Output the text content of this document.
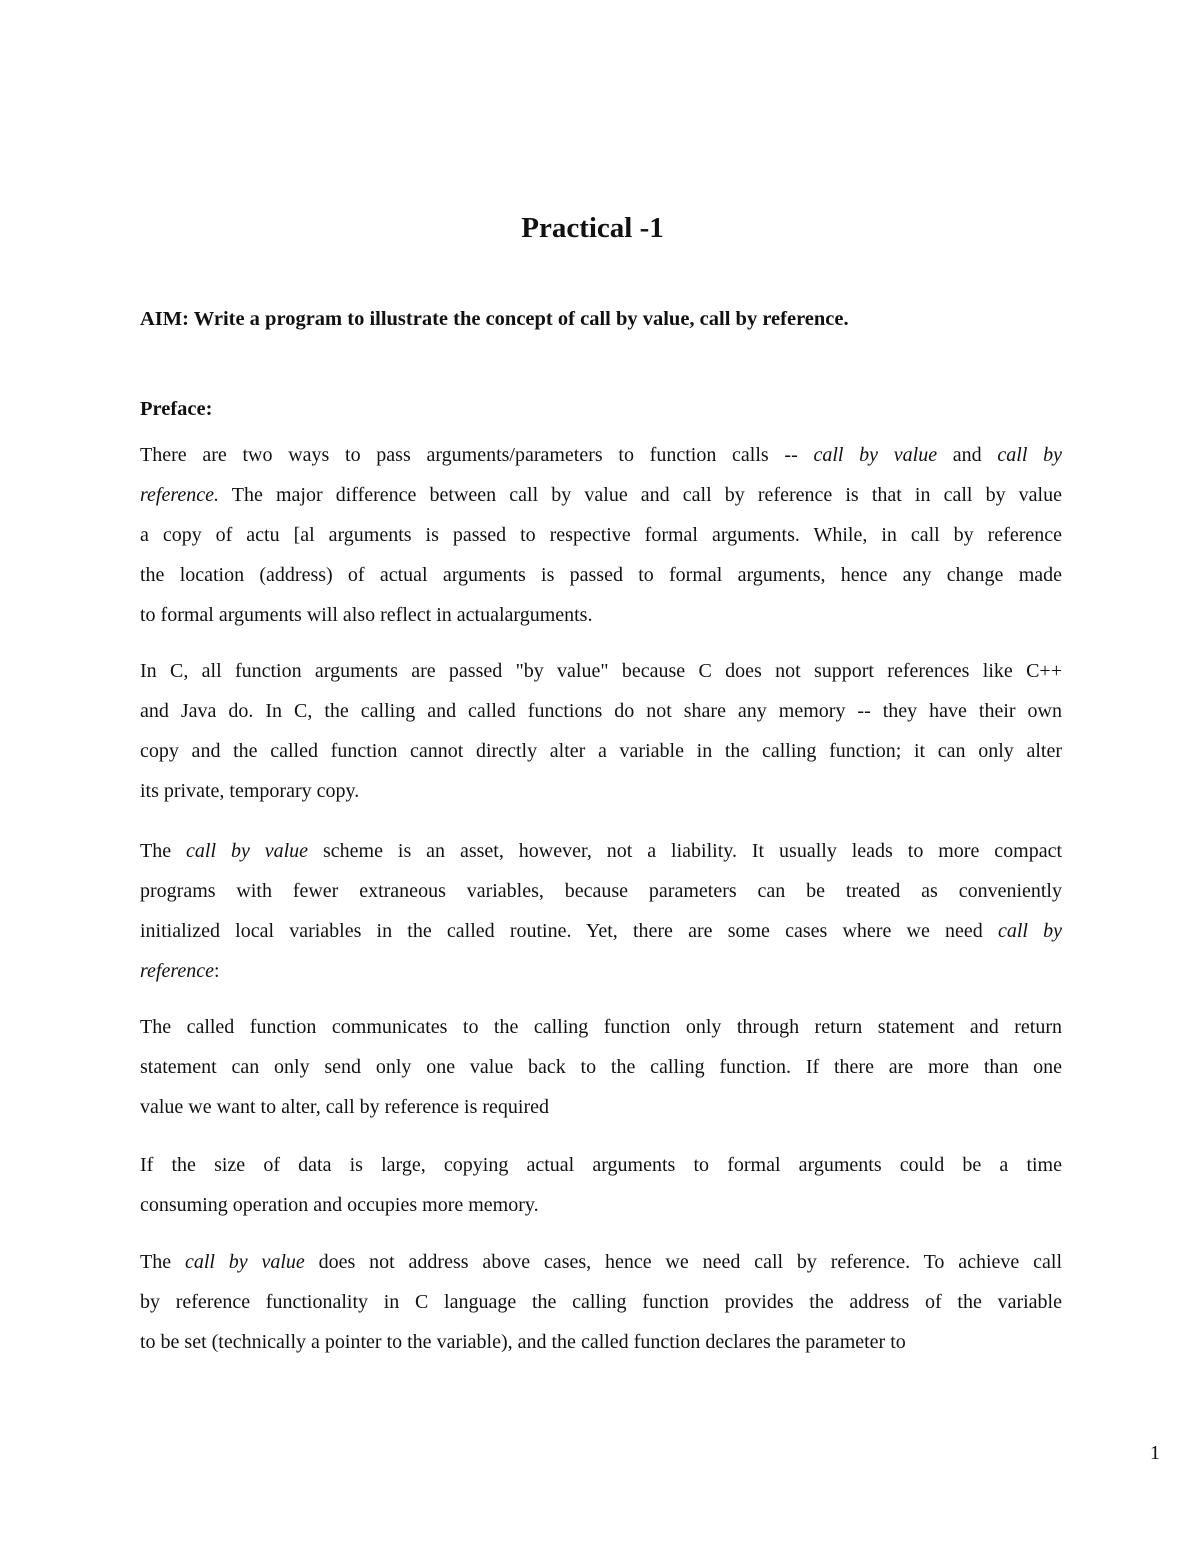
Practical -1

AIM: Write a program to illustrate the concept of call by value, call by reference.

Preface:

There are two ways to pass arguments/parameters to function calls -- call by value and call by
reference. The major difference between call by value and call by reference is that in call by value
a copy of actu [al arguments is passed to respective formal arguments. While, in call by reference
the location (address) of actual arguments is passed to formal arguments, hence any change made
to formal arguments will also reflect in actualarguments.
In C, all function arguments are passed "by value" because C does not support references like C++
and Java do. In C, the calling and called functions do not share any memory -- they have their own
copy and the called function cannot directly alter a variable in the calling function; it can only alter
its private, temporary copy.
The call by value scheme is an asset, however, not a liability. It usually leads to more compact
programs with fewer extraneous variables, because parameters can be treated as conveniently
initialized local variables in the called routine. Yet, there are some cases where we need call by
reference:
The called function communicates to the calling function only through return statement and return
statement can only send only one value back to the calling function. If there are more than one
value we want to alter, call by reference is required
If the size of data is large, copying actual arguments to formal arguments could be a time
consuming operation and occupies more memory.
The call by value does not address above cases, hence we need call by reference. To achieve call
by reference functionality in C language the calling function provides the address of the variable
to be set (technically a pointer to the variable), and the called function declares the parameter to

1
